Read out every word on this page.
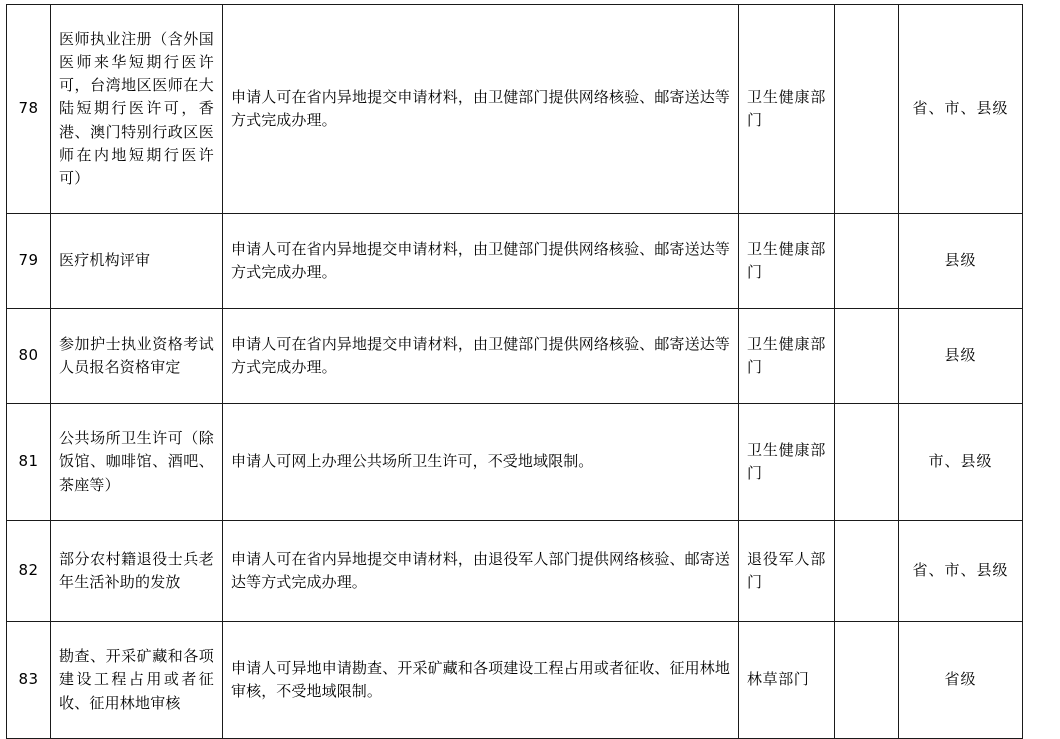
78	医师执业注册（含外国医师来华短期行医许可，台湾地区医师在大陆短期行医许可，香港、澳门特别行政区医师在内地短期行医许可）	申请人可在省内异地提交申请材料，由卫健部门提供网络核验、邮寄送达等方式完成办理。	卫生健康部门		省、市、县级
79	医疗机构评审	申请人可在省内异地提交申请材料，由卫健部门提供网络核验、邮寄送达等方式完成办理。	卫生健康部门		县级
80	参加护士执业资格考试人员报名资格审定	申请人可在省内异地提交申请材料，由卫健部门提供网络核验、邮寄送达等方式完成办理。	卫生健康部门		县级
81	公共场所卫生许可（除饭馆、咖啡馆、酒吧、茶座等）	申请人可网上办理公共场所卫生许可，不受地域限制。	卫生健康部门		市、县级
82	部分农村籍退役士兵老年生活补助的发放	申请人可在省内异地提交申请材料，由退役军人部门提供网络核验、邮寄送达等方式完成办理。	退役军人部门		省、市、县级
83	勘查、开采矿藏和各项建设工程占用或者征收、征用林地审核	申请人可异地申请勘查、开采矿藏和各项建设工程占用或者征收、征用林地审核，不受地域限制。	林草部门		省级
